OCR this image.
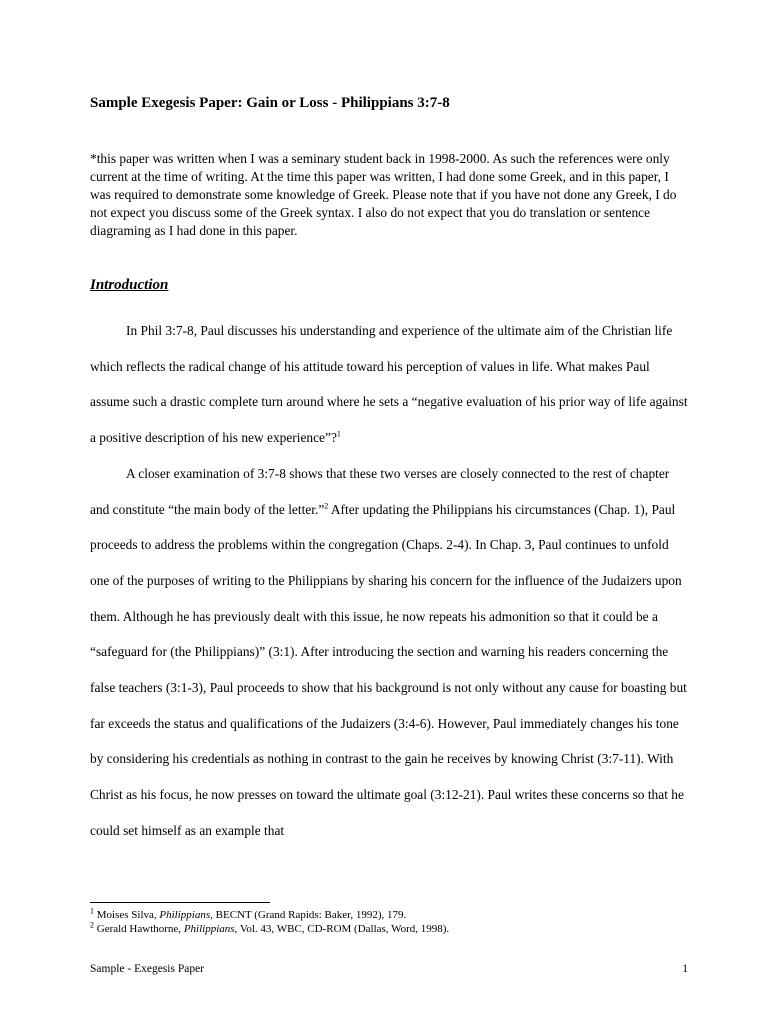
Sample Exegesis Paper: Gain or Loss - Philippians 3:7-8

*this paper was written when I was a seminary student back in 1998-2000. As such the references were only current at the time of writing. At the time this paper was written, I had done some Greek, and in this paper, I was required to demonstrate some knowledge of Greek. Please note that if you have not done any Greek, I do not expect you discuss some of the Greek syntax. I also do not expect that you do translation or sentence diagraming as I had done in this paper.

Introduction

In Phil 3:7-8, Paul discusses his understanding and experience of the ultimate aim of the Christian life which reflects the radical change of his attitude toward his perception of values in life. What makes Paul assume such a drastic complete turn around where he sets a “negative evaluation of his prior way of life against a positive description of his new experience”?$^1$

A closer examination of 3:7-8 shows that these two verses are closely connected to the rest of chapter and constitute “the main body of the letter.”$^2$ After updating the Philippians his circumstances (Chap. 1), Paul proceeds to address the problems within the congregation (Chaps. 2-4). In Chap. 3, Paul continues to unfold one of the purposes of writing to the Philippians by sharing his concern for the influence of the Judaizers upon them. Although he has previously dealt with this issue, he now repeats his admonition so that it could be a “safeguard for (the Philippians)” (3:1). After introducing the section and warning his readers concerning the false teachers (3:1-3), Paul proceeds to show that his background is not only without any cause for boasting but far exceeds the status and qualifications of the Judaizers (3:4-6). However, Paul immediately changes his tone by considering his credentials as nothing in contrast to the gain he receives by knowing Christ (3:7-11). With Christ as his focus, he now presses on toward the ultimate goal (3:12-21). Paul writes these concerns so that he could set himself as an example that

$^1$ Moises Silva, Philippians, BECNT (Grand Rapids: Baker, 1992), 179.
$^2$ Gerald Hawthorne, Philippians, Vol. 43, WBC, CD-ROM (Dallas, Word, 1998).
Sample - Exegesis Paper	1
